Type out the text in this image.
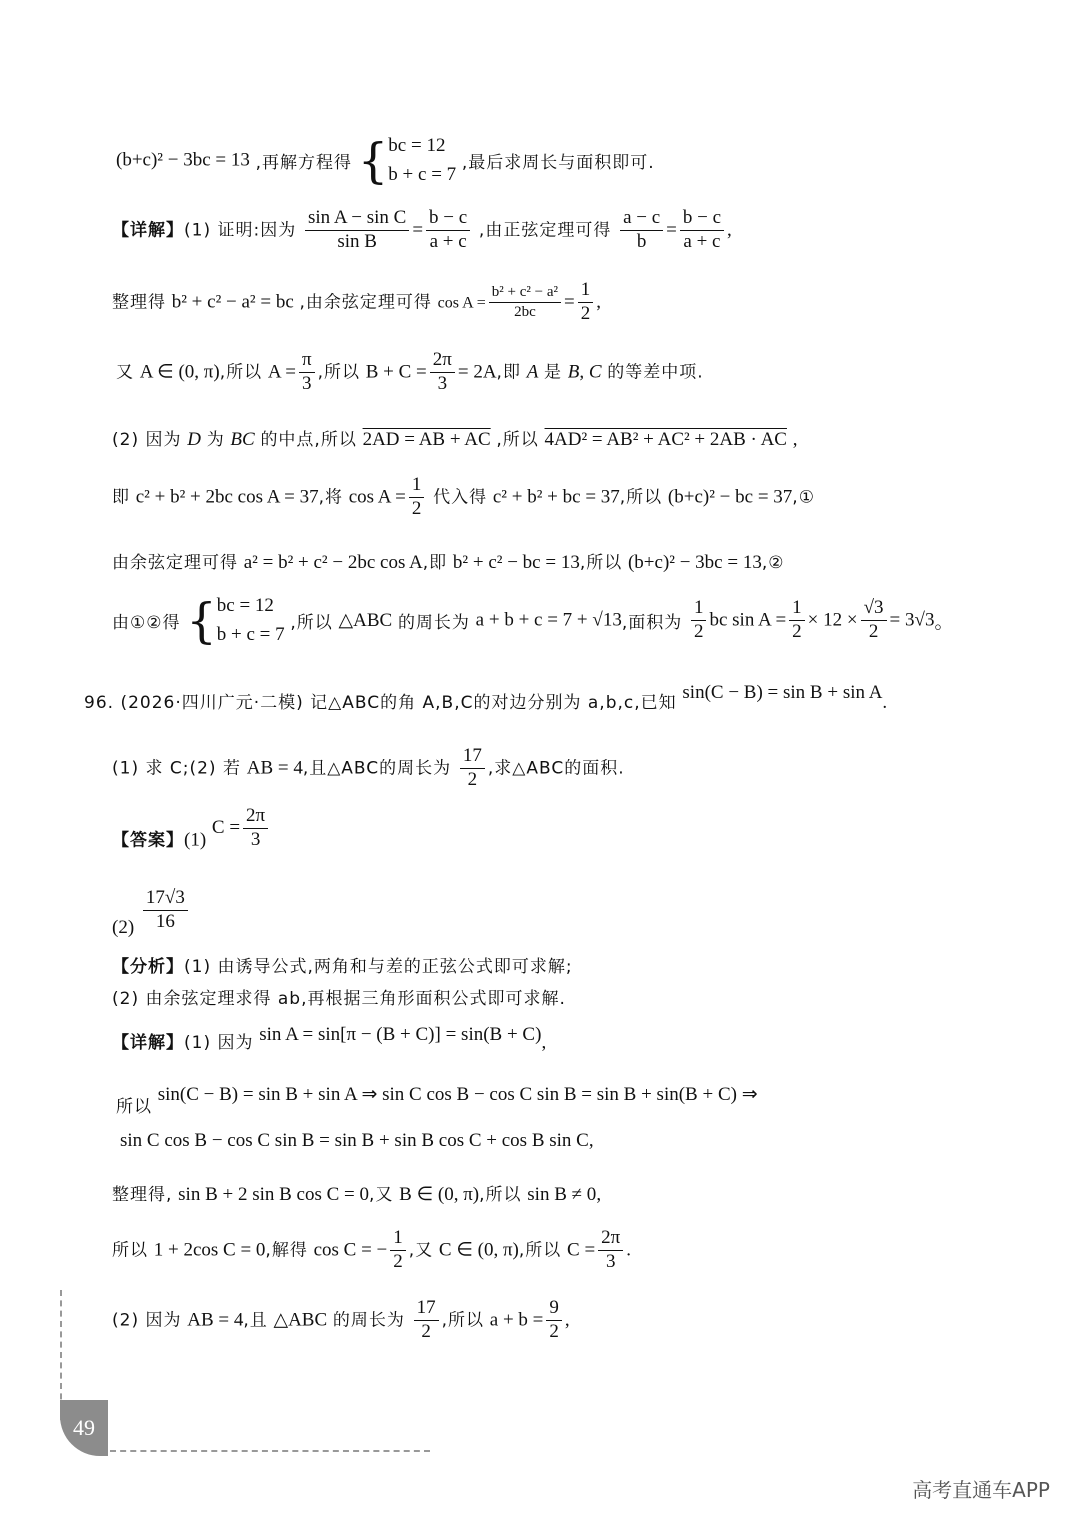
(b+c)² − 3bc = 13 ,再解方程得 { bc = 12
b + c = 7
,最后求周长与面积即可.
【详解】(1) 证明:因为 $\frac{\text{sin A − sin C}}{\text{sin B}} = \frac{b - c}{a + c}$ ,由正弦定理可得 $\frac{a - c}{b} = \frac{b - c}{a + c}$ ,
整理得 b² + c² − a² = bc ,由余弦定理可得 $\cos A = \frac{\text{b² + c² − a²}}{2bc} = \frac{1}{2}$ ,
又 A ∈ (0, π),所以 $A = \frac{\pi}{3}$ ,所以 $B + C = \frac{2\pi}{3} = 2A$,即 A 是 B, C 的等差中项.
(2) 因为 D 为 BC 的中点,所以 2AD = AB + AC ,所以 4AD² = AB² + AC² + 2AB · AC ,
即 c² + b² + 2bc cos A = 37,将 $\cos A = \frac{1}{2}$ 代入得 c² + b² + bc = 37,所以 (b+c)² − bc = 37,①
由余弦定理可得 a² = b² + c² − 2bc cos A,即 b² + c² − bc = 13,所以 (b+c)² − 3bc = 13,②
由①②得 { bc = 12
b + c = 7
,所以 △ABC 的周长为 a + b + c = 7 + √13,面积为 $\frac{1}{2}$ bc $\sin A = \frac{1}{2} \times 12 \times \frac{√3}{2} = 3√3$。
96. (2026·四川广元·二模) 记△ABC的角 A,B,C的对边分别为 a,b,c,已知 sin(C − B) = sin B + sin A.
(1) 求 C;(2) 若 AB = 4,且△ABC的周长为 $\frac{17}{2}$ ,求△ABC的面积.
【答案】(1) $C = \frac{2\pi}{3}$
$(2) \frac{17√3}{16}$
【分析】(1) 由诱导公式,两角和与差的正弦公式即可求解;
(2) 由余弦定理求得 ab,再根据三角形面积公式即可求解.
【详解】(1) 因为 sin A = sin[π − (B + C)] = sin(B + C),
所以 sin(C − B) = sin B + sin A ⇒ sin C cos B − cos C sin B = sin B + sin(B + C) ⇒
sin C cos B − cos C sin B = sin B + sin B cos C + cos B sin C,
整理得, sin B + 2 sin B cos C = 0,又 B ∈ (0, π),所以 sin B ≠ 0,
所以 1 + 2cos C = 0,解得 cos C = − $\frac{1}{2}$ ,又 C ∈ (0, π),所以 $C = \frac{2\pi}{3}$ .
(2) 因为 AB = 4,且 △ABC 的周长为 $\frac{17}{2}$ ,所以 $a + b = \frac{9}{2}$ ,
49
高考直通车APP
